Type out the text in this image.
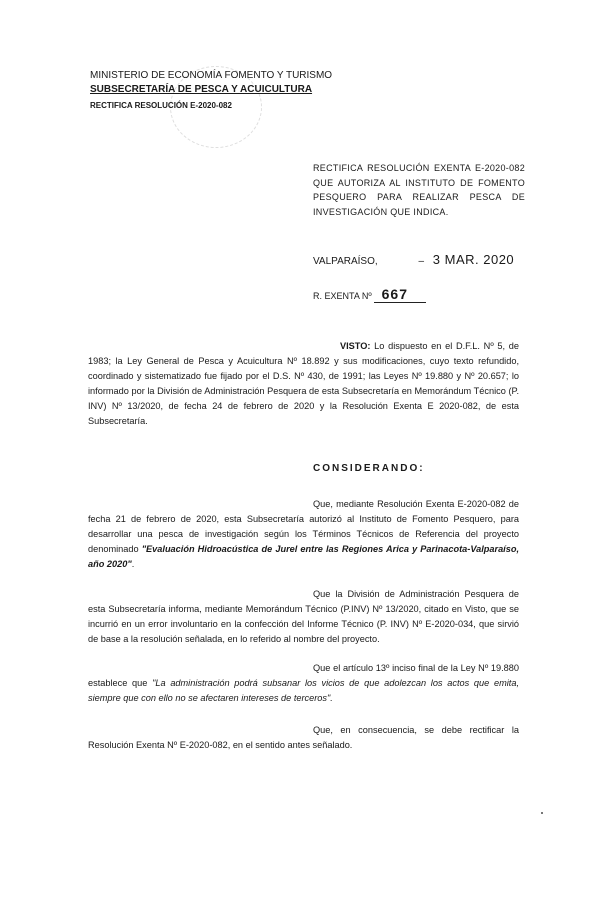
MINISTERIO DE ECONOMÍA FOMENTO Y TURISMO
SUBSECRETARÍA DE PESCA Y ACUICULTURA
RECTIFICA RESOLUCIÓN E-2020-082
RECTIFICA RESOLUCIÓN EXENTA E-2020-082 QUE AUTORIZA AL INSTITUTO DE FOMENTO PESQUERO PARA REALIZAR PESCA DE INVESTIGACIÓN QUE INDICA.
VALPARAÍSO,	– 3 MAR. 2020
R. EXENTA Nº 667

VISTO: Lo dispuesto en el D.F.L. Nº 5, de 1983; la Ley General de Pesca y Acuicultura Nº 18.892 y sus modificaciones, cuyo texto refundido, coordinado y sistematizado fue fijado por el D.S. Nº 430, de 1991; las Leyes Nº 19.880 y Nº 20.657; lo informado por la División de Administración Pesquera de esta Subsecretaría en Memorándum Técnico (P. INV) Nº 13/2020, de fecha 24 de febrero de 2020 y la Resolución Exenta E 2020-082, de esta Subsecretaría.

CONSIDERANDO:

Que, mediante Resolución Exenta E-2020-082 de fecha 21 de febrero de 2020, esta Subsecretaría autorizó al Instituto de Fomento Pesquero, para desarrollar una pesca de investigación según los Términos Técnicos de Referencia del proyecto denominado "Evaluación Hidroacústica de Jurel entre las Regiones Arica y Parinacota-Valparaíso, año 2020".

Que la División de Administración Pesquera de esta Subsecretaría informa, mediante Memorándum Técnico (P.INV) Nº 13/2020, citado en Visto, que se incurrió en un error involuntario en la confección del Informe Técnico (P. INV) Nº E-2020-034, que sirvió de base a la resolución señalada, en lo referido al nombre del proyecto.

Que el artículo 13º inciso final de la Ley Nº 19.880 establece que "La administración podrá subsanar los vicios de que adolezcan los actos que emita, siempre que con ello no se afectaren intereses de terceros".

Que, en consecuencia, se debe rectificar la Resolución Exenta Nº E-2020-082, en el sentido antes señalado.
